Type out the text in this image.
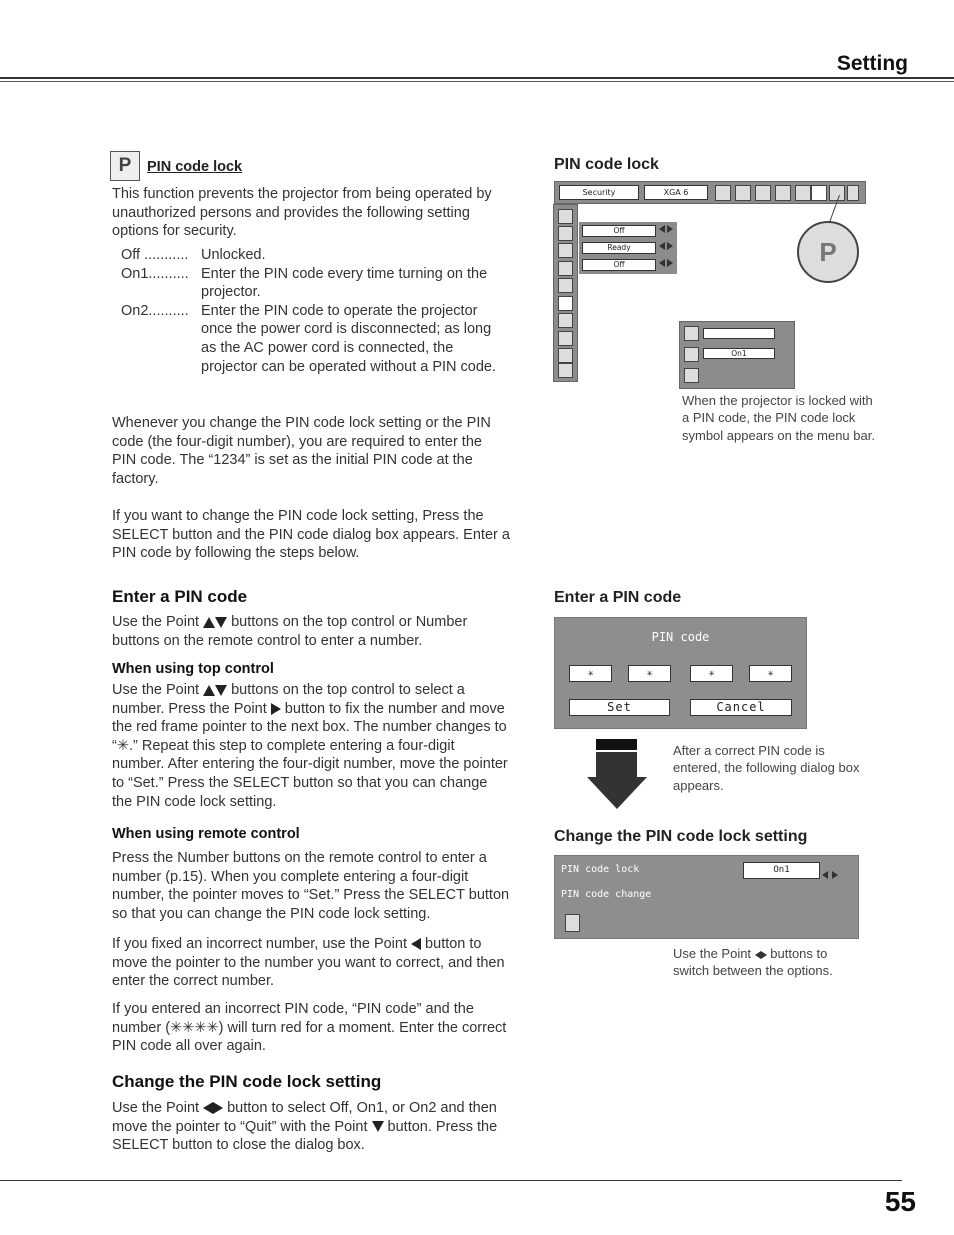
Setting
55
P	PIN code lock
This function prevents the projector from being operated by unauthorized persons and provides the following setting options for security.
Off ........... Unlocked.
On1.......... Enter the PIN code every time turning on the projector.
On2.......... Enter the PIN code to operate the projector once the power cord is disconnected; as long as the AC power cord is connected, the projector can be operated without a PIN code.
Whenever you change the PIN code lock setting or the PIN code (the four-digit number), you are required to enter the PIN code. The “1234” is set as the initial PIN code at the factory.
If you want to change the PIN code lock setting, Press the SELECT button and the PIN code dialog box appears. Enter a PIN code by following the steps below.
Enter a PIN code
Use the Point  buttons on the top control or Number buttons on the remote control to enter a number.
When using top control
Use the Point  buttons on the top control to select a number. Press the Point  button to fix the number and move the red frame pointer to the next box. The number changes to “✳.” Repeat this step to complete entering a four-digit number. After entering the four-digit number, move the pointer to “Set.” Press the SELECT button so that you can change the PIN code lock setting.
When using remote control
Press the Number buttons on the remote control to enter a number (p.15). When you complete entering a four-digit number, the pointer moves to “Set.” Press the SELECT button so that you can change the PIN code lock setting.
If you fixed an incorrect number, use the Point  button to move the pointer to the number you want to correct, and then enter the correct number.
If you entered an incorrect PIN code, “PIN code” and the number (✳✳✳✳) will turn red for a moment. Enter the correct PIN code all over again.
Change the PIN code lock setting
Use the Point  button to select Off, On1, or On2 and then move the pointer to “Quit” with the Point  button. Press the SELECT button to close the dialog box.
PIN code lock
Security	XGA 6
P
Off

Ready

Off

On1
When the projector is locked with a PIN code, the PIN code lock symbol appears on the menu bar.
Enter a PIN code
PIN code
✳	✳	✳	✳
Set	Cancel
After a correct PIN code is entered, the following dialog box appears.
Change the PIN code lock setting
PIN code lock
PIN code change
On1

Use the Point  buttons to switch between the options.
